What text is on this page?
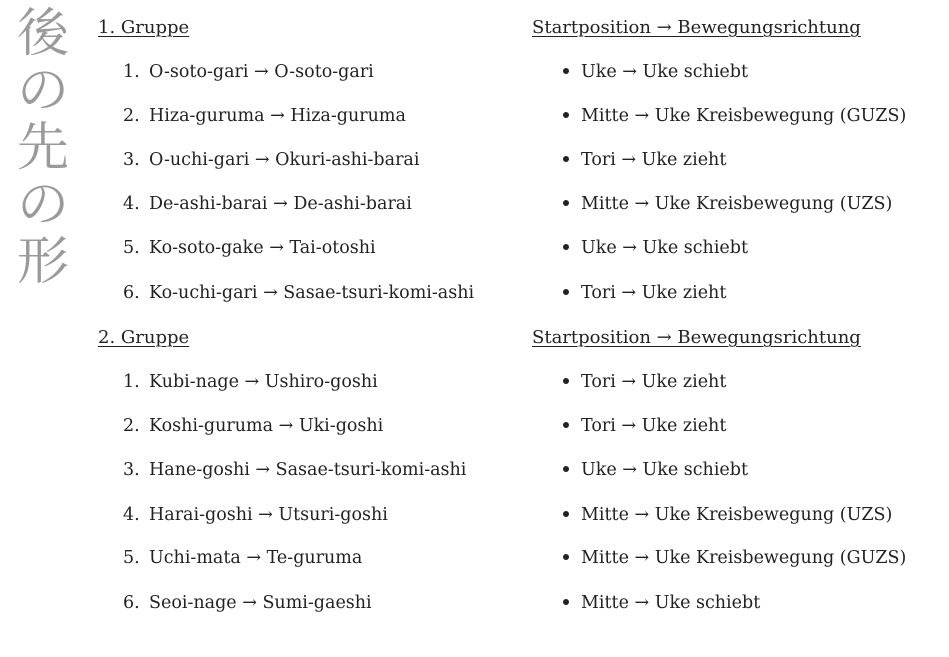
後
の
先
の
形
1. Gruppe	Startposition → Bewegungsrichtung
1. O-soto-gari → O-soto-gari	Uke → Uke schiebt
2. Hiza-guruma → Hiza-guruma	Mitte → Uke Kreisbewegung (GUZS)
3. O-uchi-gari → Okuri-ashi-barai	Tori → Uke zieht
4. De-ashi-barai → De-ashi-barai	Mitte → Uke Kreisbewegung (UZS)
5. Ko-soto-gake → Tai-otoshi	Uke → Uke schiebt
6. Ko-uchi-gari → Sasae-tsuri-komi-ashi	Tori → Uke zieht
2. Gruppe	Startposition → Bewegungsrichtung
1. Kubi-nage → Ushiro-goshi	Tori → Uke zieht
2. Koshi-guruma → Uki-goshi	Tori → Uke zieht
3. Hane-goshi → Sasae-tsuri-komi-ashi	Uke → Uke schiebt
4. Harai-goshi → Utsuri-goshi	Mitte → Uke Kreisbewegung (UZS)
5. Uchi-mata → Te-guruma	Mitte → Uke Kreisbewegung (GUZS)
6. Seoi-nage → Sumi-gaeshi	Mitte → Uke schiebt
